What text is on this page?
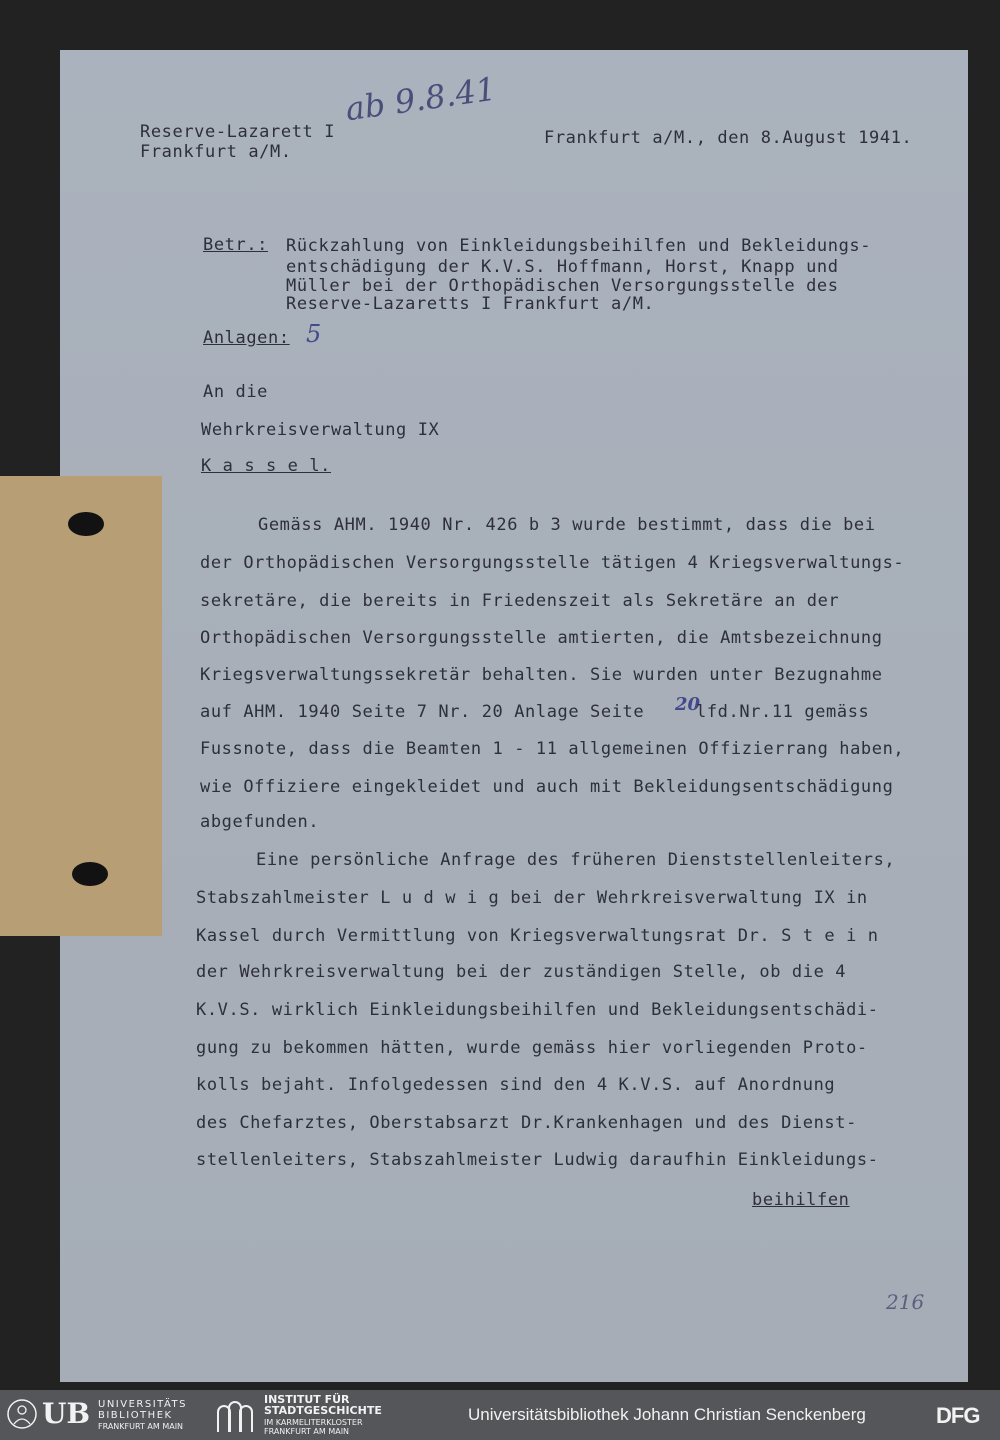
ab 9.8.41
Reserve-Lazarett I
Frankfurt a/M.
Frankfurt a/M., den 8.August 1941.
Betr.: Rückzahlung von Einkleidungsbeihilfen und Bekleidungs-
entschädigung der K.V.S. Hoffmann, Horst, Knapp und
Müller bei der Orthopädischen Versorgungsstelle des
Reserve-Lazaretts I Frankfurt a/M.
Anlagen: 5
An die
Wehrkreisverwaltung IX
K a s s e l.
Gemäss AHM. 1940 Nr. 426 b 3 wurde bestimmt, dass die bei
der Orthopädischen Versorgungsstelle tätigen 4 Kriegsverwaltungs-
sekretäre, die bereits in Friedenszeit als Sekretäre an der
Orthopädischen Versorgungsstelle amtierten, die Amtsbezeichnung
Kriegsverwaltungssekretär behalten. Sie wurden unter Bezugnahme
auf AHM. 1940 Seite 7 Nr. 20 Anlage Seite 20
lfd.Nr.11 gemäss
Fussnote, dass die Beamten 1 - 11 allgemeinen Offizierrang haben,
wie Offiziere eingekleidet und auch mit Bekleidungsentschädigung
abgefunden.
Eine persönliche Anfrage des früheren Dienststellenleiters,
Stabszahlmeister L u d w i g bei der Wehrkreisverwaltung IX in
Kassel durch Vermittlung von Kriegsverwaltungsrat Dr. S t e i n
der Wehrkreisverwaltung bei der zuständigen Stelle, ob die 4
K.V.S. wirklich Einkleidungsbeihilfen und Bekleidungsentschädi-
gung zu bekommen hätten, wurde gemäss hier vorliegenden Proto-
kolls bejaht. Infolgedessen sind den 4 K.V.S. auf Anordnung
des Chefarztes, Oberstabsarzt Dr.Krankenhagen und des Dienst-
stellenleiters, Stabszahlmeister Ludwig daraufhin Einkleidungs-
beihilfen
216
UB UNIVERSITÄTS
BIBLIOTHEK
FRANKFURT AM MAIN
INSTITUT FÜR
STADTGESCHICHTE
IM KARMELITERKLOSTER
FRANKFURT AM MAIN
Universitätsbibliothek Johann Christian Senckenberg	DFG
